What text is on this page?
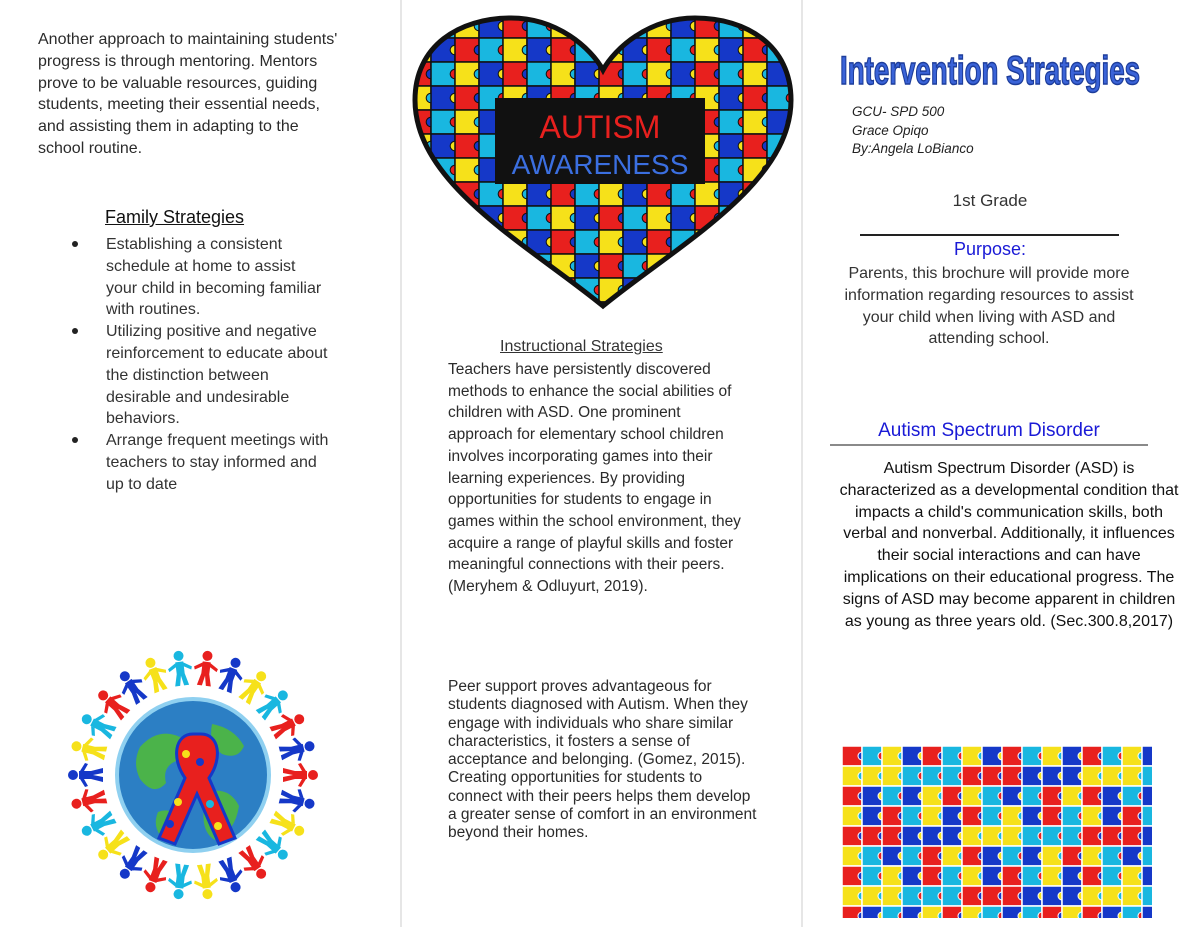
Another approach to maintaining students' progress is through mentoring. Mentors prove to be valuable resources, guiding students, meeting their essential needs, and assisting them in adapting to the school routine.

Family Strategies

Establishing a consistent schedule at home to assist your child in becoming familiar with routines.
Utilizing positive and negative reinforcement to educate about the distinction between desirable and undesirable behaviors.
Arrange frequent meetings with teachers to stay informed and up to date
AUTISM
AWARENESS

Instructional Strategies

Teachers have persistently discovered methods to enhance the social abilities of children with ASD. One prominent approach for elementary school children involves incorporating games into their learning experiences. By providing opportunities for students to engage in games within the school environment, they acquire a range of playful skills and foster meaningful connections with their peers.(Meryhem & Odluyurt, 2019).

Peer support proves advantageous for students diagnosed with Autism. When they engage with individuals who share similar characteristics, it fosters a sense of acceptance and belonging. (Gomez, 2015). Creating opportunities for students to connect with their peers helps them develop a greater sense of comfort in an environment beyond their homes.

Intervention Strategies

GCU- SPD 500

Grace Opiqo

By:Angela LoBianco

1st Grade

Purpose:

Parents, this brochure will provide more information regarding resources to assist your child when living with ASD and attending school.

Autism Spectrum Disorder

Autism Spectrum Disorder (ASD) is characterized as a developmental condition that impacts a child's communication skills, both verbal and nonverbal. Additionally, it influences their social interactions and can have implications on their educational progress. The signs of ASD may become apparent in children as young as three years old. (Sec.300.8,2017)
